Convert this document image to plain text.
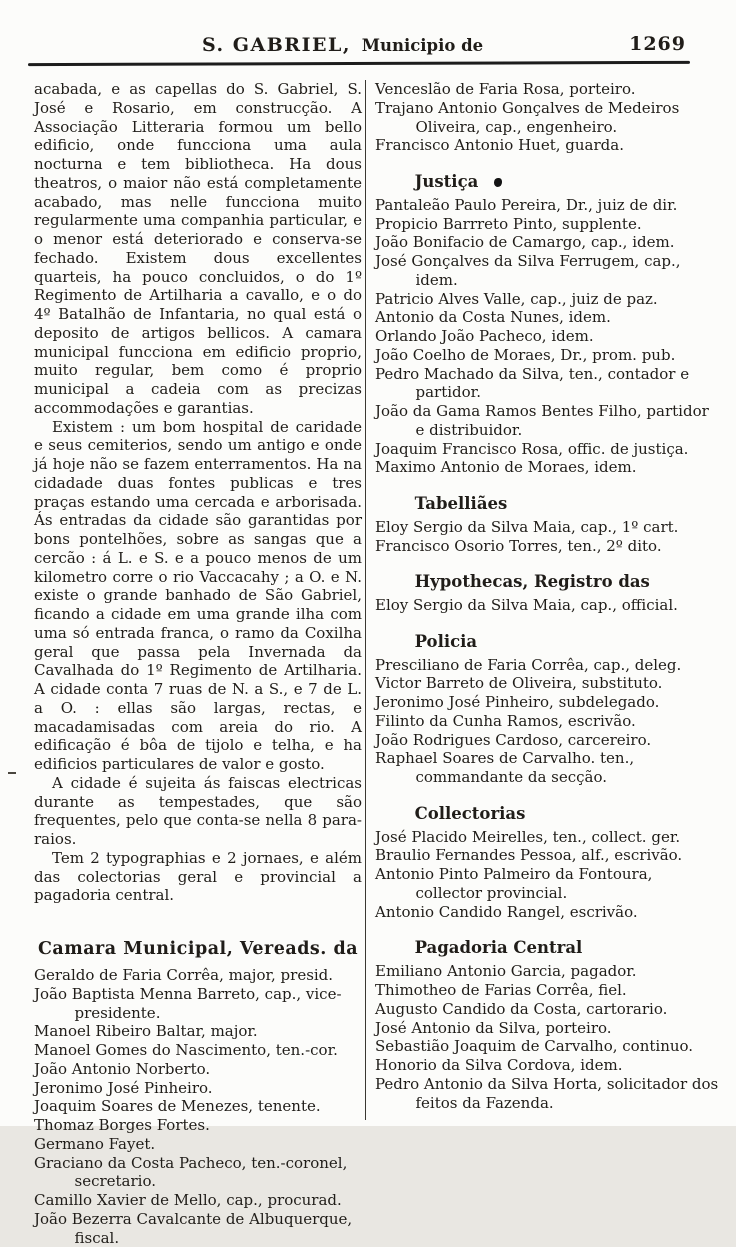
S. GABRIEL, Municipio de	1269

acabada, e as capellas do S. Gabriel, S. José e Rosario, em construcção. A Associação Litteraria formou um bello edificio, onde funcciona uma aula nocturna e tem bibliotheca. Ha dous theatros, o maior não está completamente acabado, mas nelle funcciona muito regularmente uma companhia particular, e o menor está deteriorado e conserva-se fechado. Existem dous excellentes quarteis, ha pouco concluidos, o do 1º Regimento de Artilharia a cavallo, e o do 4º Batalhão de Infantaria, no qual está o deposito de artigos bellicos. A camara municipal funcciona em edificio proprio, muito regular, bem como é proprio municipal a cadeia com as precizas accommodações e garantias.

Existem : um bom hospital de caridade e seus cemiterios, sendo um antigo e onde já hoje não se fazem enterramentos. Ha na cidadade duas fontes publicas e tres praças estando uma cercada e arborisada. Ás entradas da cidade são garantidas por bons pontelhões, sobre as sangas que a cercão : á L. e S. e a pouco menos de um kilometro corre o rio Vaccacahy ; a O. e N. existe o grande banhado de São Gabriel, ficando a cidade em uma grande ilha com uma só entrada franca, o ramo da Coxilha geral que passa pela Invernada da Cavalhada do 1º Regimento de Artilharia. A cidade conta 7 ruas de N. a S., e 7 de L. a O. : ellas são largas, rectas, e macadamisadas com areia do rio. A edificação é bôa de tijolo e telha, e ha edificios particulares de valor e gosto.

A cidade é sujeita ás faiscas electricas durante as tempestades, que são frequentes, pelo que conta-se nella 8 para-raios.

Tem 2 typographias e 2 jornaes, e além das colectorias geral e provincial a pagadoria central.

Camara Municipal, Vereads. da
Geraldo de Faria Corrêa, major, presid.
João Baptista Menna Barreto, cap., vice-presidente.
Manoel Ribeiro Baltar, major.
Manoel Gomes do Nascimento, ten.-cor.
João Antonio Norberto.
Jeronimo José Pinheiro.
Joaquim Soares de Menezes, tenente.
Thomaz Borges Fortes.
Germano Fayet.
Graciano da Costa Pacheco, ten.-coronel, secretario.
Camillo Xavier de Mello, cap., procurad.
João Bezerra Cavalcante de Albuquerque, fiscal.
Venceslão de Faria Rosa, porteiro.
Trajano Antonio Gonçalves de Medeiros Oliveira, cap., engenheiro.
Francisco Antonio Huet, guarda.
Justiça
Pantaleão Paulo Pereira, Dr., juiz de dir.
Propicio Barrreto Pinto, supplente.
João Bonifacio de Camargo, cap., idem.
José Gonçalves da Silva Ferrugem, cap., idem.
Patricio Alves Valle, cap., juiz de paz.
Antonio da Costa Nunes, idem.
Orlando João Pacheco, idem.
João Coelho de Moraes, Dr., prom. pub.
Pedro Machado da Silva, ten., contador e partidor.
João da Gama Ramos Bentes Filho, partidor e distribuidor.
Joaquim Francisco Rosa, offic. de justiça.
Maximo Antonio de Moraes, idem.
Tabelliães
Eloy Sergio da Silva Maia, cap., 1º cart.
Francisco Osorio Torres, ten., 2º dito.
Hypothecas, Registro das
Eloy Sergio da Silva Maia, cap., official.
Policia
Presciliano de Faria Corrêa, cap., deleg.
Victor Barreto de Oliveira, substituto.
Jeronimo José Pinheiro, subdelegado.
Filinto da Cunha Ramos, escrivão.
João Rodrigues Cardoso, carcereiro.
Raphael Soares de Carvalho. ten., commandante da secção.
Collectorias
José Placido Meirelles, ten., collect. ger.
Braulio Fernandes Pessoa, alf., escrivão.
Antonio Pinto Palmeiro da Fontoura, collector provincial.
Antonio Candido Rangel, escrivão.
Pagadoria Central
Emiliano Antonio Garcia, pagador.
Thimotheo de Farias Corrêa, fiel.
Augusto Candido da Costa, cartorario.
José Antonio da Silva, porteiro.
Sebastião Joaquim de Carvalho, continuo.
Honorio da Silva Cordova, idem.
Pedro Antonio da Silva Horta, solicitador dos feitos da Fazenda.
